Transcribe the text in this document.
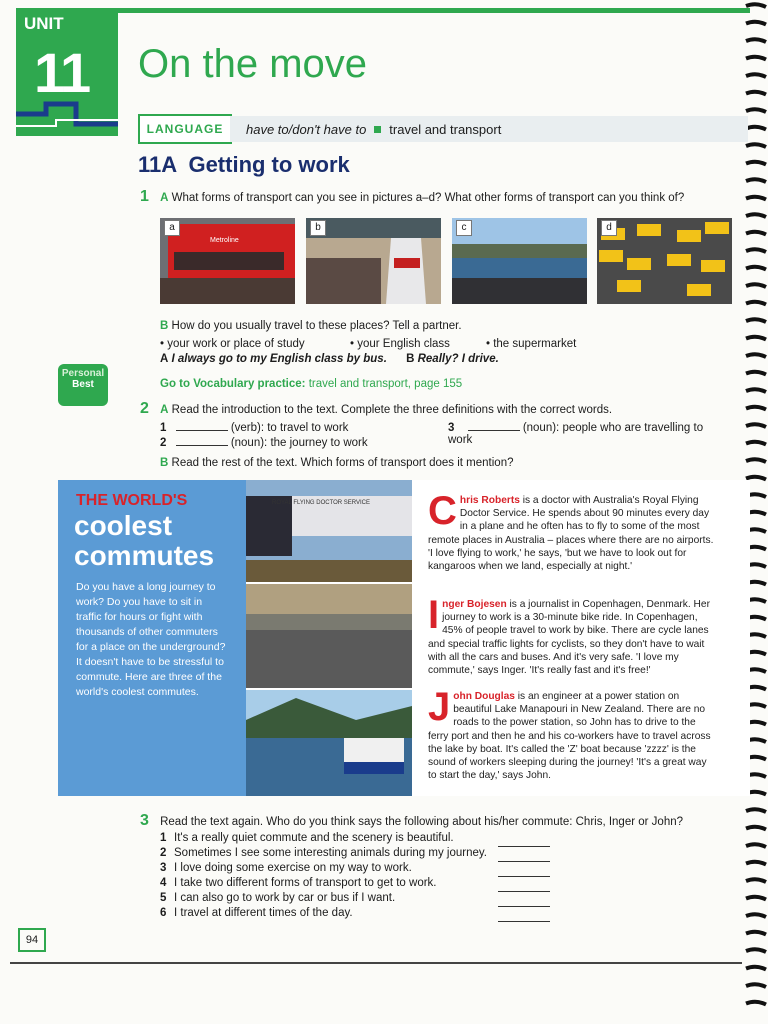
UNIT
11 On the move
LANGUAGE	have to/don't have to travel and transport
11A Getting to work
1 A What forms of transport can you see in pictures a–d? What other forms of transport can you think of?
Metroline
a	b	c	d
B How do you usually travel to these places? Tell a partner.
• your work or place of study	• your English class	• the supermarket
A I always go to my English class by bus. B Really? I drive.
Personal
Best	Go to Vocabulary practice: travel and transport, page 155
2 A Read the introduction to the text. Complete the three definitions with the correct words.
1	(verb): to travel to work
2	(noun): the journey to work
3	(noun): people who are travelling to work
B Read the rest of the text. Which forms of transport does it mention?
THE WORLD'S
coolest
commutes
Do you have a long journey to work? Do you have to sit in traffic for hours or fight with thousands of other commuters for a place on the underground? It doesn't have to be stressful to commute. Here are three of the world's coolest commutes.
ROYAL FLYING DOCTOR SERVICE Chris Roberts is a doctor with Australia's Royal Flying Doctor Service. He spends about 90 minutes every day in a plane and he often has to fly to some of the most remote places in Australia – places where there are no airports. 'I love flying to work,' he says, 'but we have to look out for kangaroos when we land, especially at night.'
Inger Bojesen is a journalist in Copenhagen, Denmark. Her journey to work is a 30-minute bike ride. In Copenhagen, 45% of people travel to work by bike. There are cycle lanes and special traffic lights for cyclists, so they don't have to wait with all the cars and buses. And it's very safe. 'I love my commute,' says Inger. 'It's really fast and it's free!'
John Douglas is an engineer at a power station on beautiful Lake Manapouri in New Zealand. There are no roads to the power station, so John has to drive to the ferry port and then he and his co-workers have to travel across the lake by boat. It's called the 'Z' boat because 'zzzz' is the sound of workers sleeping during the journey! 'It's a great way to start the day,' says John.
3 Read the text again. Who do you think says the following about his/her commute: Chris, Inger or John?
1 It's a really quiet commute and the scenery is beautiful.
2 Sometimes I see some interesting animals during my journey.
3 I love doing some exercise on my way to work.
4 I take two different forms of transport to get to work.
5 I can also go to work by car or bus if I want.
6 I travel at different times of the day.
94
